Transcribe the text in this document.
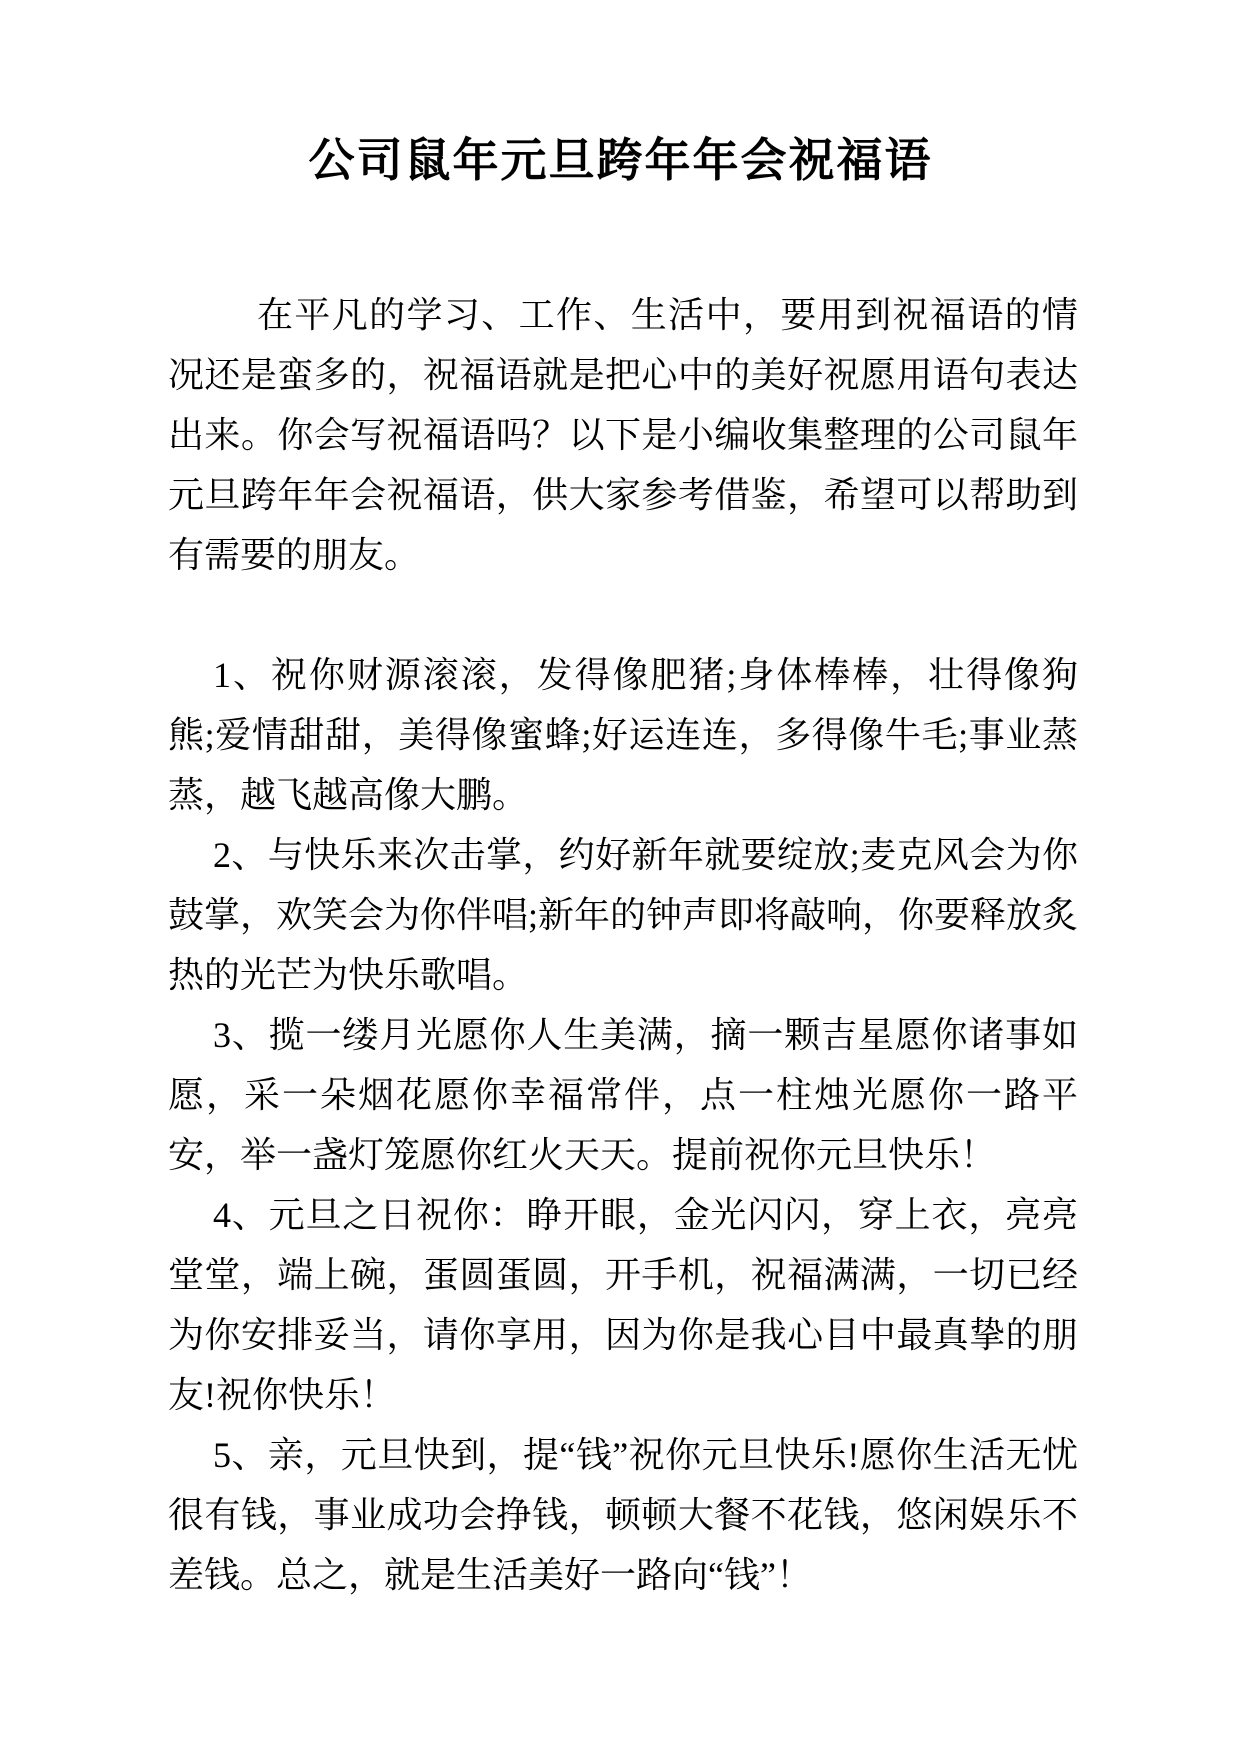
公司鼠年元旦跨年年会祝福语

在平凡的学习、工作、生活中，要用到祝福语的情况还是蛮多的，祝福语就是把心中的美好祝愿用语句表达出来。你会写祝福语吗？以下是小编收集整理的公司鼠年元旦跨年年会祝福语，供大家参考借鉴，希望可以帮助到有需要的朋友。

1、祝你财源滚滚，发得像肥猪;身体棒棒，壮得像狗熊;爱情甜甜，美得像蜜蜂;好运连连，多得像牛毛;事业蒸蒸，越飞越高像大鹏。

2、与快乐来次击掌，约好新年就要绽放;麦克风会为你鼓掌，欢笑会为你伴唱;新年的钟声即将敲响，你要释放炙热的光芒为快乐歌唱。

3、揽一缕月光愿你人生美满，摘一颗吉星愿你诸事如愿，采一朵烟花愿你幸福常伴，点一柱烛光愿你一路平安，举一盏灯笼愿你红火天天。提前祝你元旦快乐！

4、元旦之日祝你：睁开眼，金光闪闪，穿上衣，亮亮堂堂，端上碗，蛋圆蛋圆，开手机，祝福满满，一切已经为你安排妥当，请你享用，因为你是我心目中最真挚的朋友!祝你快乐！

5、亲，元旦快到，提“钱”祝你元旦快乐!愿你生活无忧很有钱，事业成功会挣钱，顿顿大餐不花钱，悠闲娱乐不差钱。总之，就是生活美好一路向“钱”！
